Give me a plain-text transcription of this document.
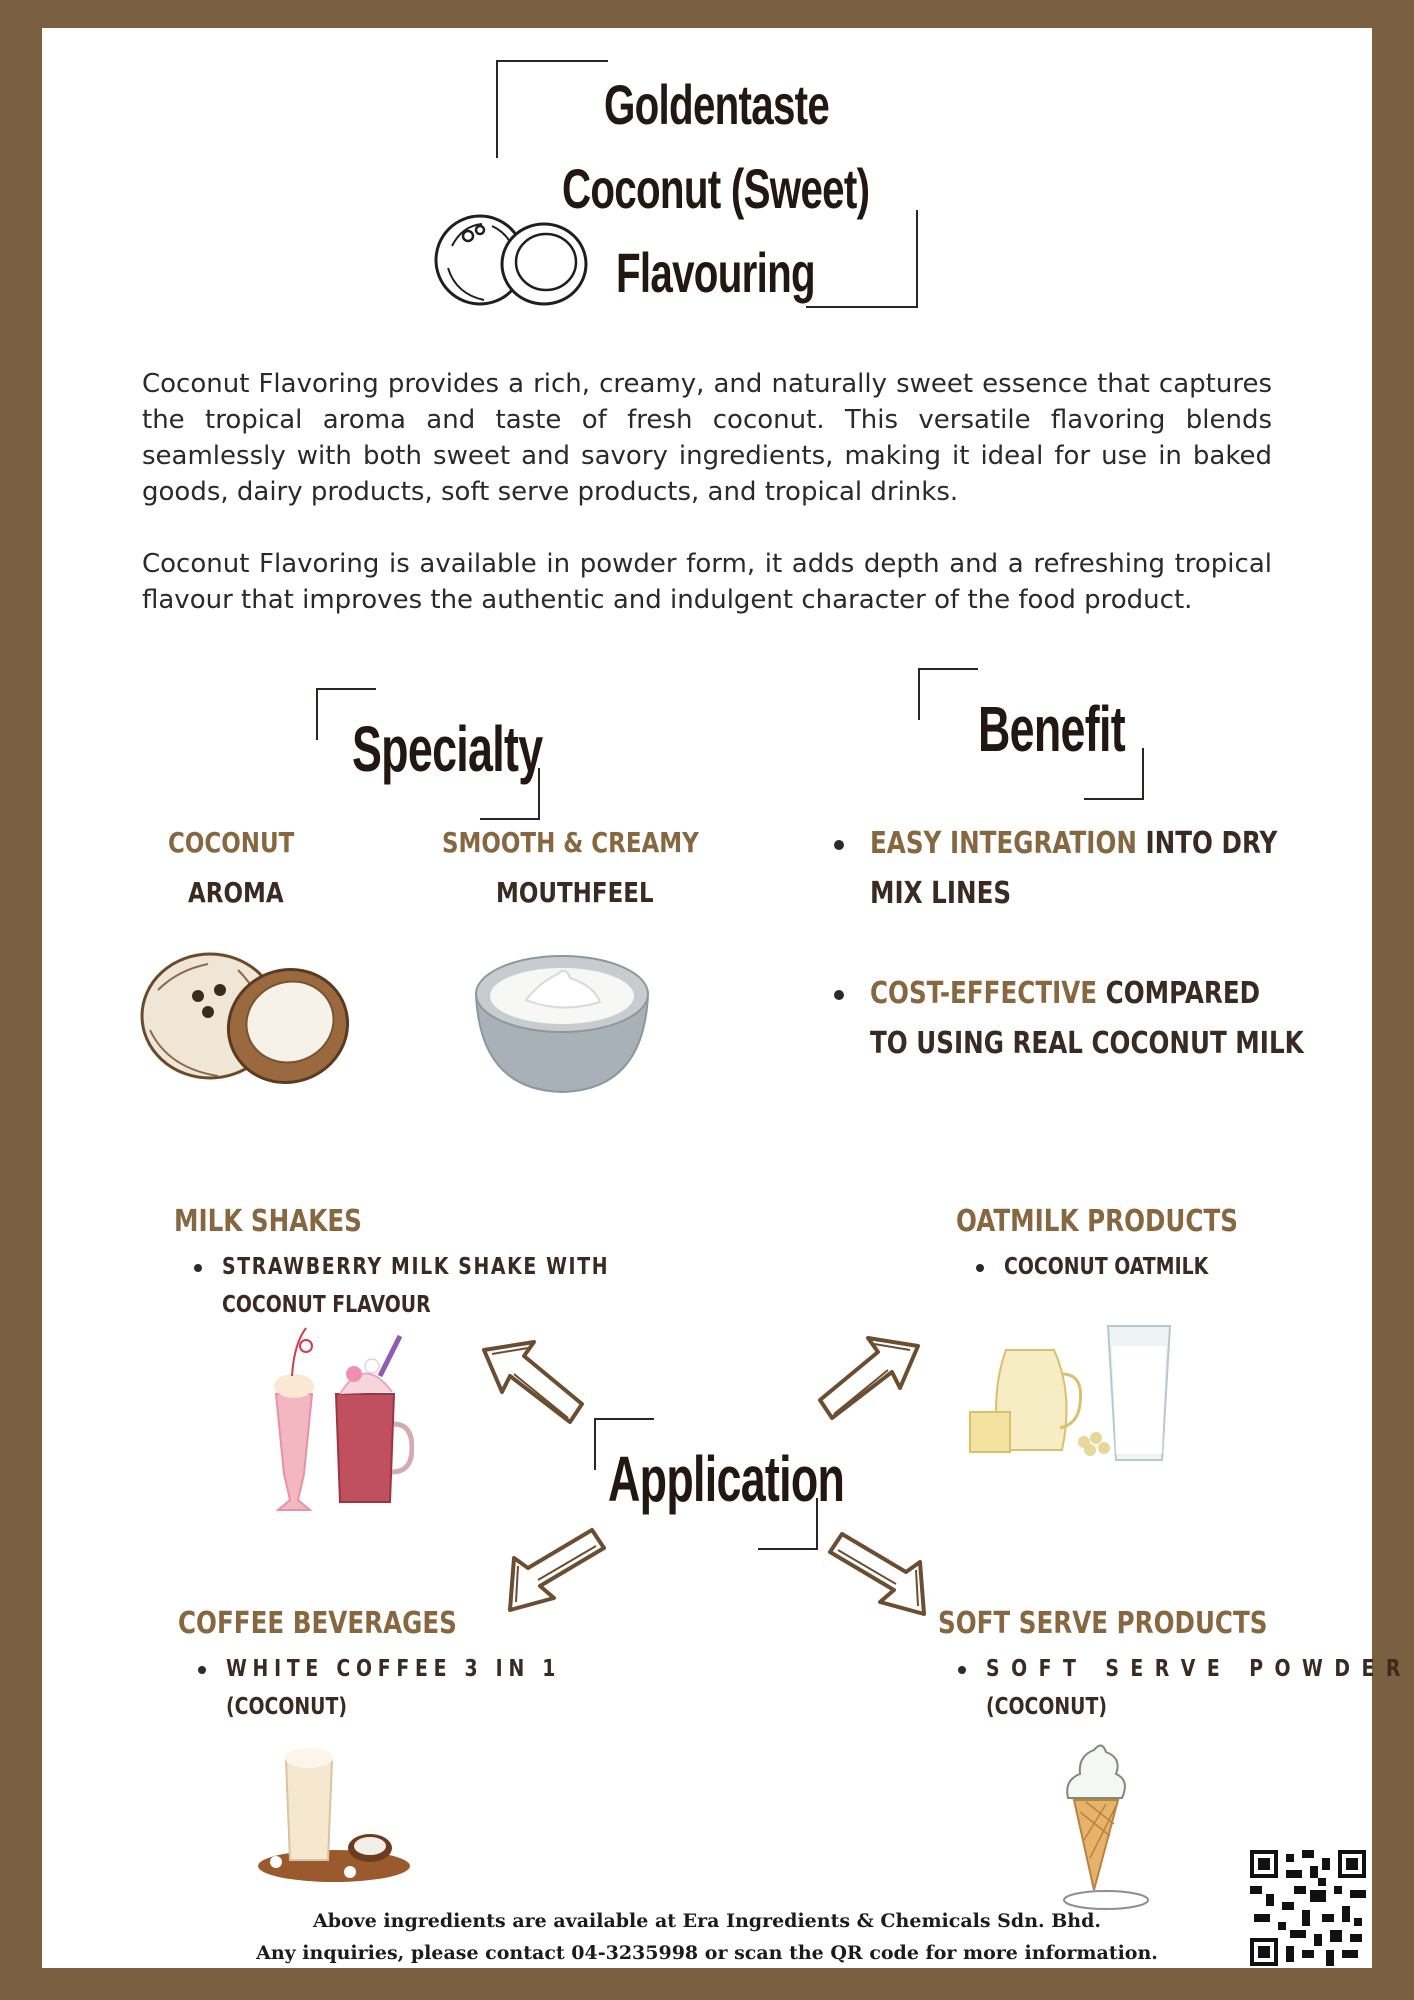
Goldentaste
Coconut (Sweet)
Flavouring

Coconut Flavoring provides a rich, creamy, and naturally sweet essence that captures the tropical aroma and taste of fresh coconut. This versatile flavoring blends seamlessly with both sweet and savory ingredients, making it ideal for use in baked goods, dairy products, soft serve products, and tropical drinks.

Coconut Flavoring is available in powder form, it adds depth and a refreshing tropical flavour that improves the authentic and indulgent character of the food product.

Specialty
COCONUT
AROMA
SMOOTH & CREAMY
MOUTHFEEL
Benefit
EASY INTEGRATION INTO DRY
MIX LINES
COST-EFFECTIVE COMPARED
TO USING REAL COCONUT MILK
Application
MILK SHAKES
STRAWBERRY MILK SHAKE WITH
COCONUT FLAVOUR
OATMILK PRODUCTS
COCONUT OATMILK
COFFEE BEVERAGES
WHITE COFFEE 3 IN 1
(COCONUT)
SOFT SERVE PRODUCTS
SOFT SERVE POWDER
(COCONUT)
Above ingredients are available at Era Ingredients & Chemicals Sdn. Bhd.
Any inquiries, please contact 04-3235998 or scan the QR code for more information.
